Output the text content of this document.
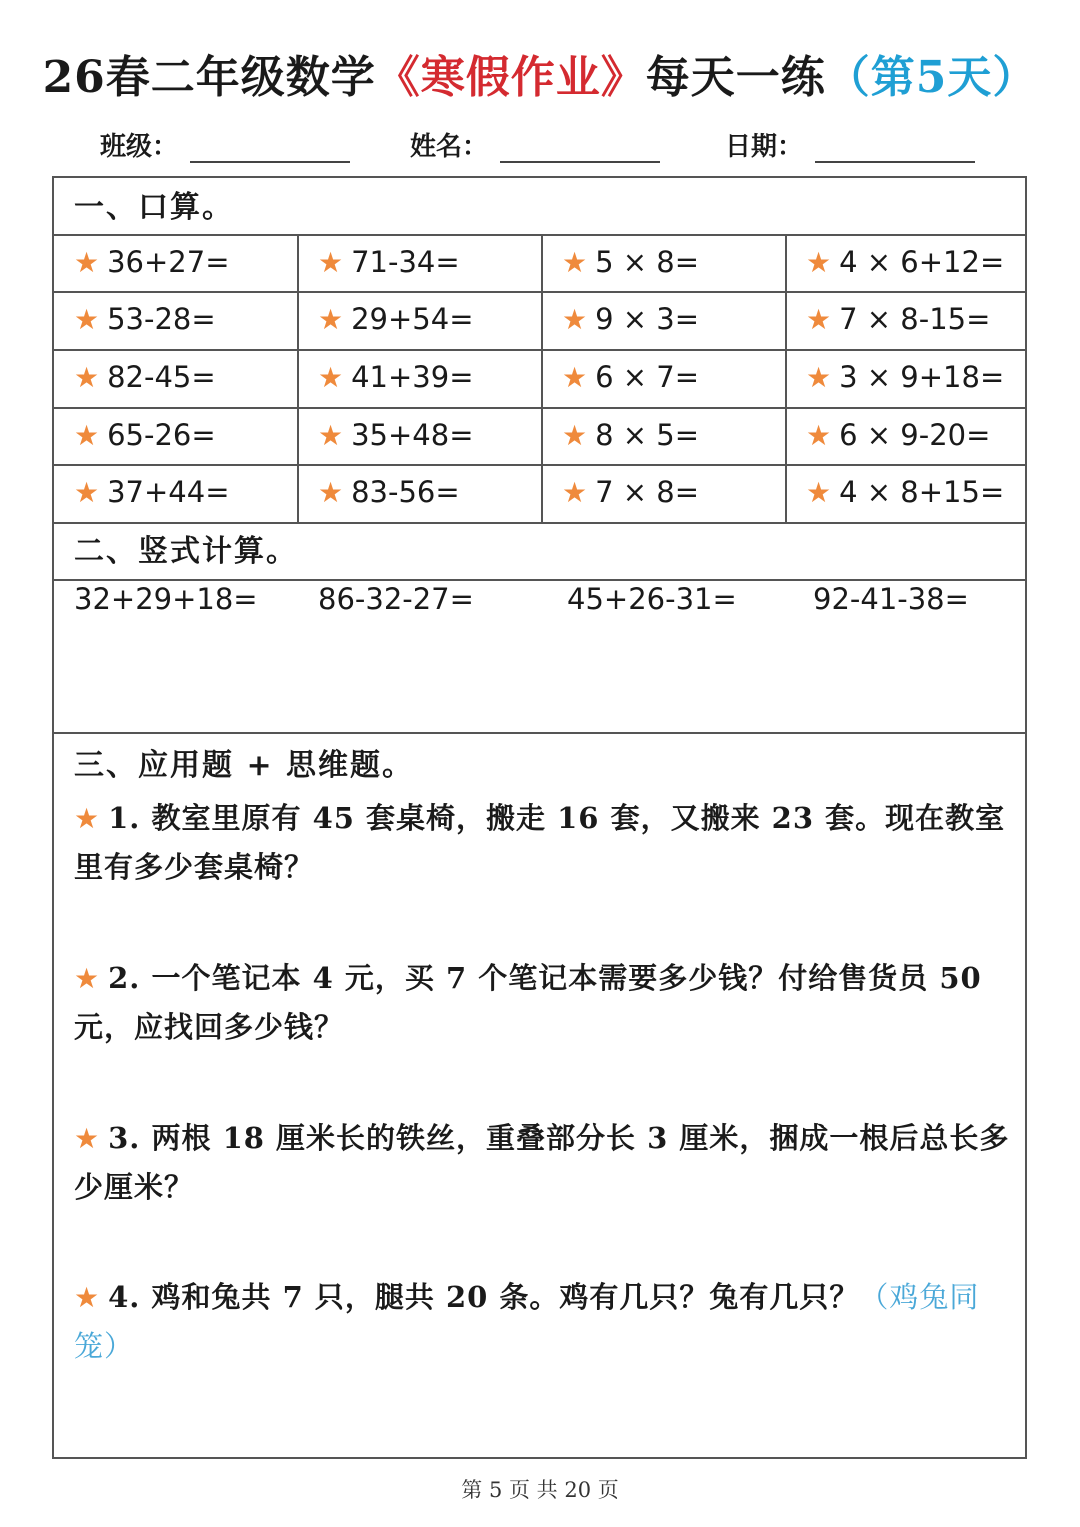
26春二年级数学《寒假作业》每天一练（第5天）
班级：	姓名：	日期：
一、口算。
★ 36+27=	★ 71-34=	★ 5 × 8=	★ 4 × 6+12=
★ 53-28=	★ 29+54=	★ 9 × 3=	★ 7 × 8-15=
★ 82-45=	★ 41+39=	★ 6 × 7=	★ 3 × 9+18=
★ 65-26=	★ 35+48=	★ 8 × 5=	★ 6 × 9-20=
★ 37+44=	★ 83-56=	★ 7 × 8=	★ 4 × 8+15=
二、竖式计算。
32+29+18= 86-32-27=	45+26-31=	92-41-38=
三、应用题 + 思维题。
★ 1. 教室里原有 45 套桌椅，搬走 16 套，又搬来 23 套。现在教室里有多少套桌椅？
★ 2. 一个笔记本 4 元，买 7 个笔记本需要多少钱？付给售货员 50 元，应找回多少钱？
★ 3. 两根 18 厘米长的铁丝，重叠部分长 3 厘米，捆成一根后总长多少厘米？
★ 4. 鸡和兔共 7 只，腿共 20 条。鸡有几只？兔有几只？（鸡兔同笼）
第 5 页 共 20 页
